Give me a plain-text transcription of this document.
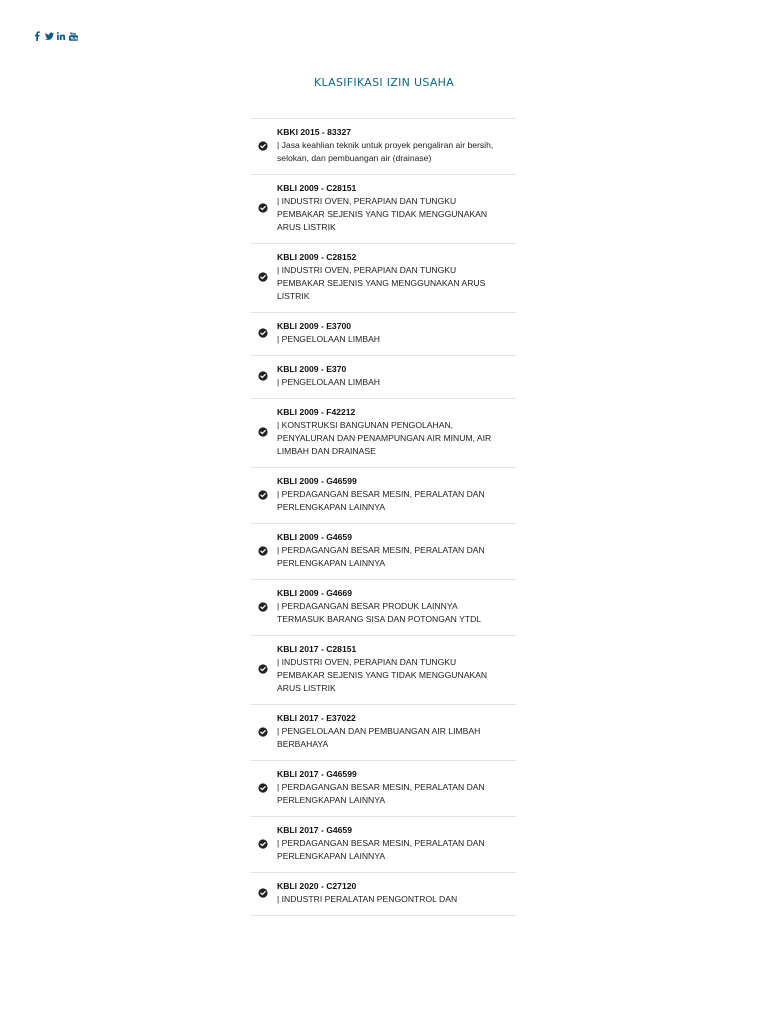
Tube
KLASIFIKASI IZIN USAHA
KBKI 2015 - 83327
| Jasa keahlian teknik untuk proyek pengaliran air bersih, selokan, dan pembuangan air (drainase)
KBLI 2009 - C28151
| INDUSTRI OVEN, PERAPIAN DAN TUNGKU PEMBAKAR SEJENIS YANG TIDAK MENGGUNAKAN ARUS LISTRIK
KBLI 2009 - C28152
| INDUSTRI OVEN, PERAPIAN DAN TUNGKU PEMBAKAR SEJENIS YANG MENGGUNAKAN ARUS LISTRIK
KBLI 2009 - E3700
| PENGELOLAAN LIMBAH
KBLI 2009 - E370
| PENGELOLAAN LIMBAH
KBLI 2009 - F42212
| KONSTRUKSI BANGUNAN PENGOLAHAN, PENYALURAN DAN PENAMPUNGAN AIR MINUM, AIR LIMBAH DAN DRAINASE
KBLI 2009 - G46599
| PERDAGANGAN BESAR MESIN, PERALATAN DAN PERLENGKAPAN LAINNYA
KBLI 2009 - G4659
| PERDAGANGAN BESAR MESIN, PERALATAN DAN PERLENGKAPAN LAINNYA
KBLI 2009 - G4669
| PERDAGANGAN BESAR PRODUK LAINNYA TERMASUK BARANG SISA DAN POTONGAN YTDL
KBLI 2017 - C28151
| INDUSTRI OVEN, PERAPIAN DAN TUNGKU PEMBAKAR SEJENIS YANG TIDAK MENGGUNAKAN ARUS LISTRIK
KBLI 2017 - E37022
| PENGELOLAAN DAN PEMBUANGAN AIR LIMBAH BERBAHAYA
KBLI 2017 - G46599
| PERDAGANGAN BESAR MESIN, PERALATAN DAN PERLENGKAPAN LAINNYA
KBLI 2017 - G4659
| PERDAGANGAN BESAR MESIN, PERALATAN DAN PERLENGKAPAN LAINNYA
KBLI 2020 - C27120
| INDUSTRI PERALATAN PENGONTROL DAN
